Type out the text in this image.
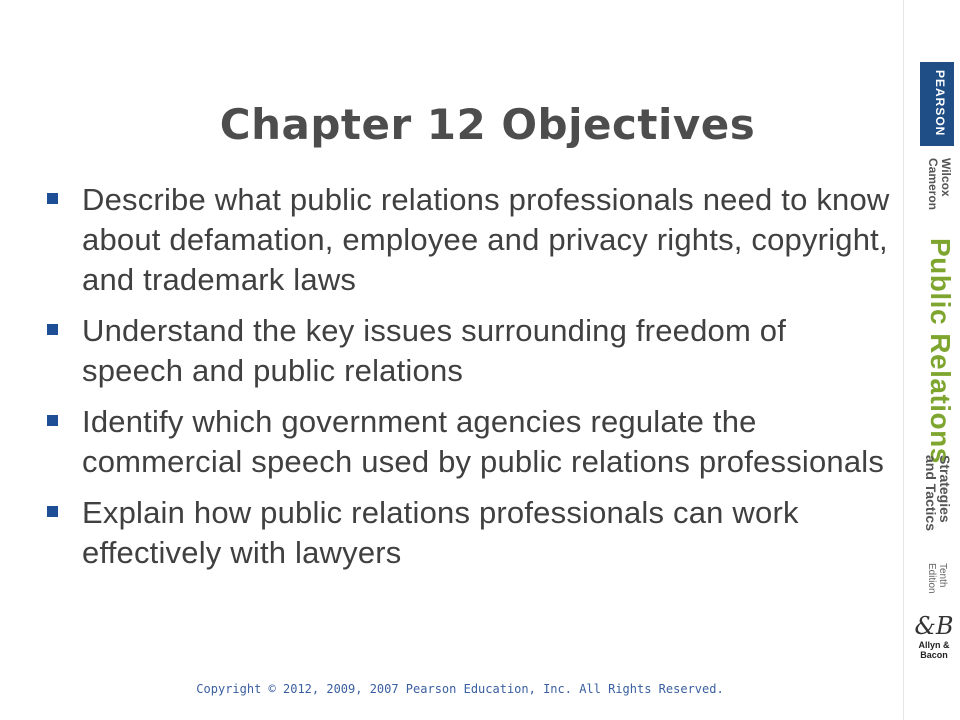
Chapter 12 Objectives
Describe what public relations professionals need to know about defamation, employee and privacy rights, copyright, and trademark laws
Understand the key issues surrounding freedom of speech and public relations
Identify which government agencies regulate the commercial speech used by public relations professionals
Explain how public relations professionals can work effectively with lawyers
Copyright © 2012, 2009, 2007 Pearson Education, Inc. All Rights Reserved.
PEARSON
Wilcox
Cameron
Public Relations
Strategies
and Tactics
Tenth
Edition
&B
Allyn &
Bacon
